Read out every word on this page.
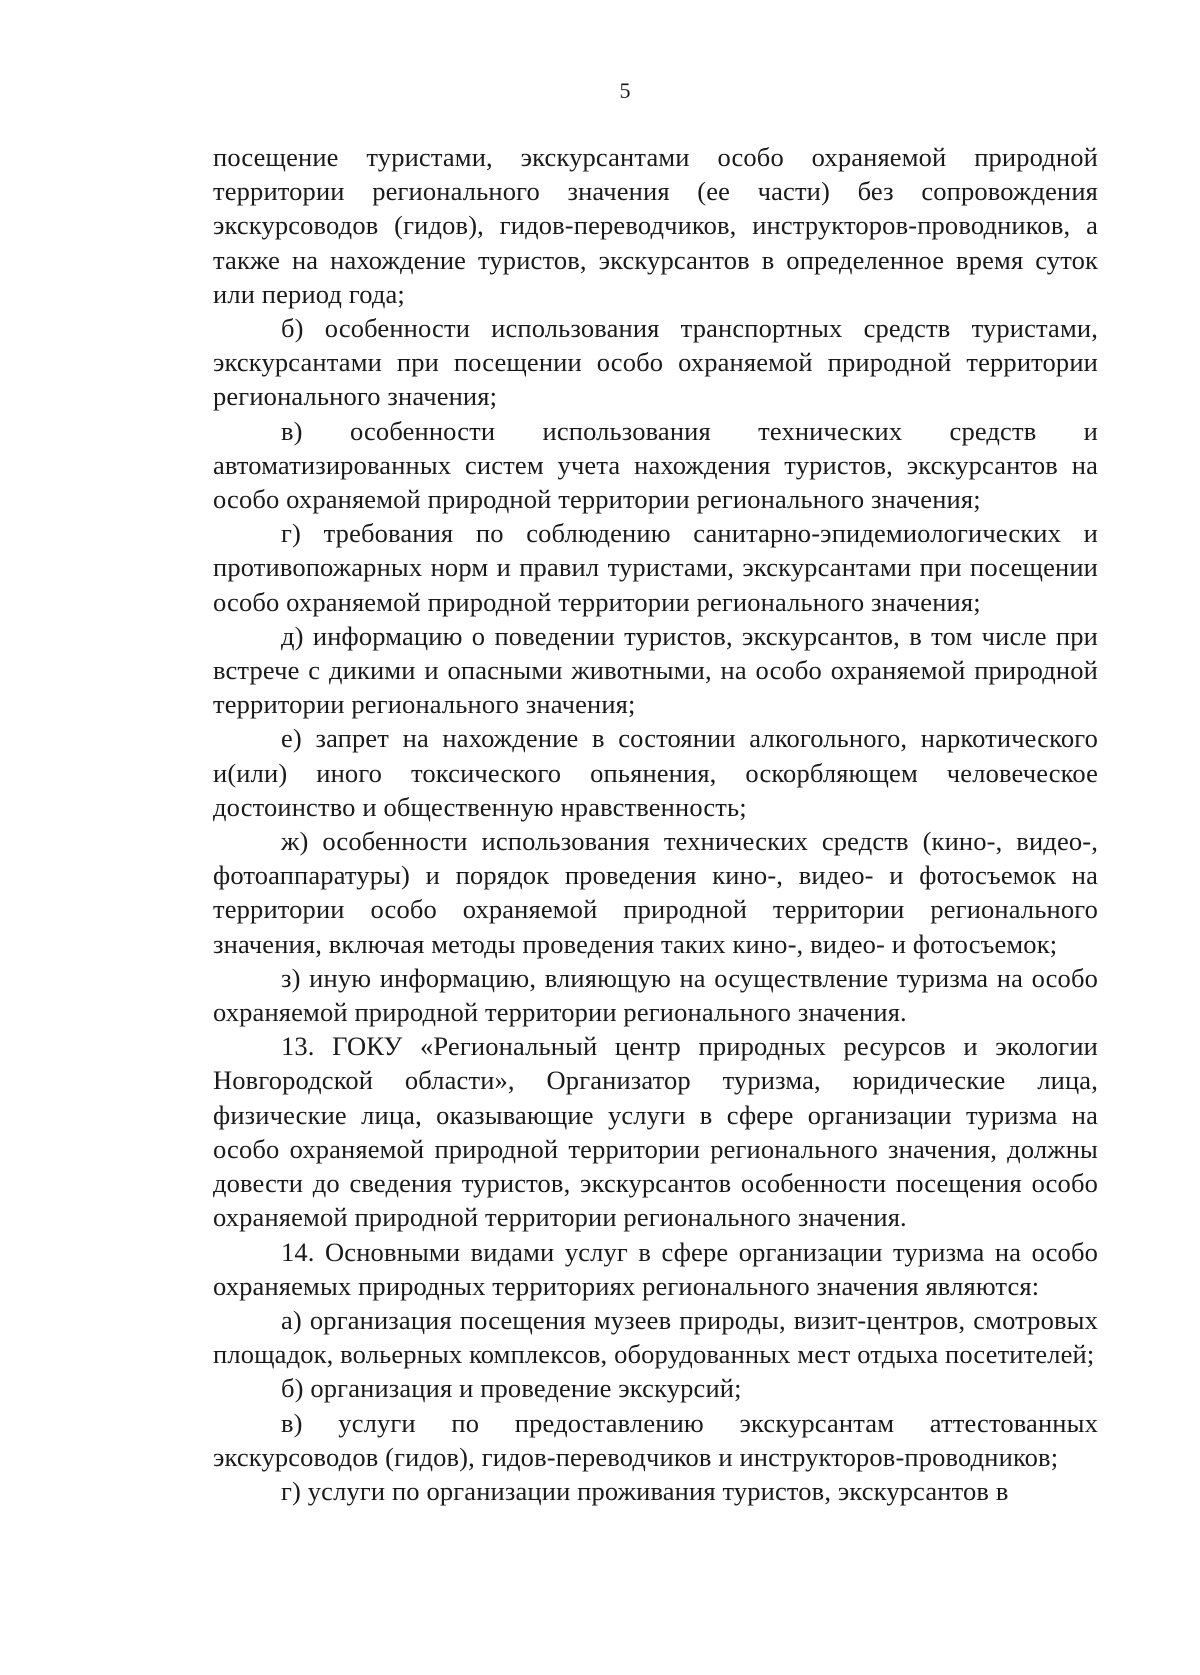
5

посещение туристами, экскурсантами особо охраняемой природной территории регионального значения (ее части) без сопровождения экскурсоводов (гидов), гидов-переводчиков, инструкторов-проводников, а также на нахождение туристов, экскурсантов в определенное время суток или период года;

б) особенности использования транспортных средств туристами, экскурсантами при посещении особо охраняемой природной территории регионального значения;

в) особенности использования технических средств и автоматизированных систем учета нахождения туристов, экскурсантов на особо охраняемой природной территории регионального значения;

г) требования по соблюдению санитарно-эпидемиологических и противопожарных норм и правил туристами, экскурсантами при посещении особо охраняемой природной территории регионального значения;

д) информацию о поведении туристов, экскурсантов, в том числе при встрече с дикими и опасными животными, на особо охраняемой природной территории регионального значения;

е) запрет на нахождение в состоянии алкогольного, наркотического и(или) иного токсического опьянения, оскорбляющем человеческое достоинство и общественную нравственность;

ж) особенности использования технических средств (кино-, видео-, фотоаппаратуры) и порядок проведения кино-, видео- и фотосъемок на территории особо охраняемой природной территории регионального значения, включая методы проведения таких кино-, видео- и фотосъемок;

з) иную информацию, влияющую на осуществление туризма на особо охраняемой природной территории регионального значения.

13. ГОКУ «Региональный центр природных ресурсов и экологии Новгородской области», Организатор туризма, юридические лица, физические лица, оказывающие услуги в сфере организации туризма на особо охраняемой природной территории регионального значения, должны довести до сведения туристов, экскурсантов особенности посещения особо охраняемой природной территории регионального значения.

14. Основными видами услуг в сфере организации туризма на особо охраняемых природных территориях регионального значения являются:

а) организация посещения музеев природы, визит-центров, смотровых площадок, вольерных комплексов, оборудованных мест отдыха посетителей;

б) организация и проведение экскурсий;

в) услуги по предоставлению экскурсантам аттестованных экскурсоводов (гидов), гидов-переводчиков и инструкторов-проводников;

г) услуги по организации проживания туристов, экскурсантов в
